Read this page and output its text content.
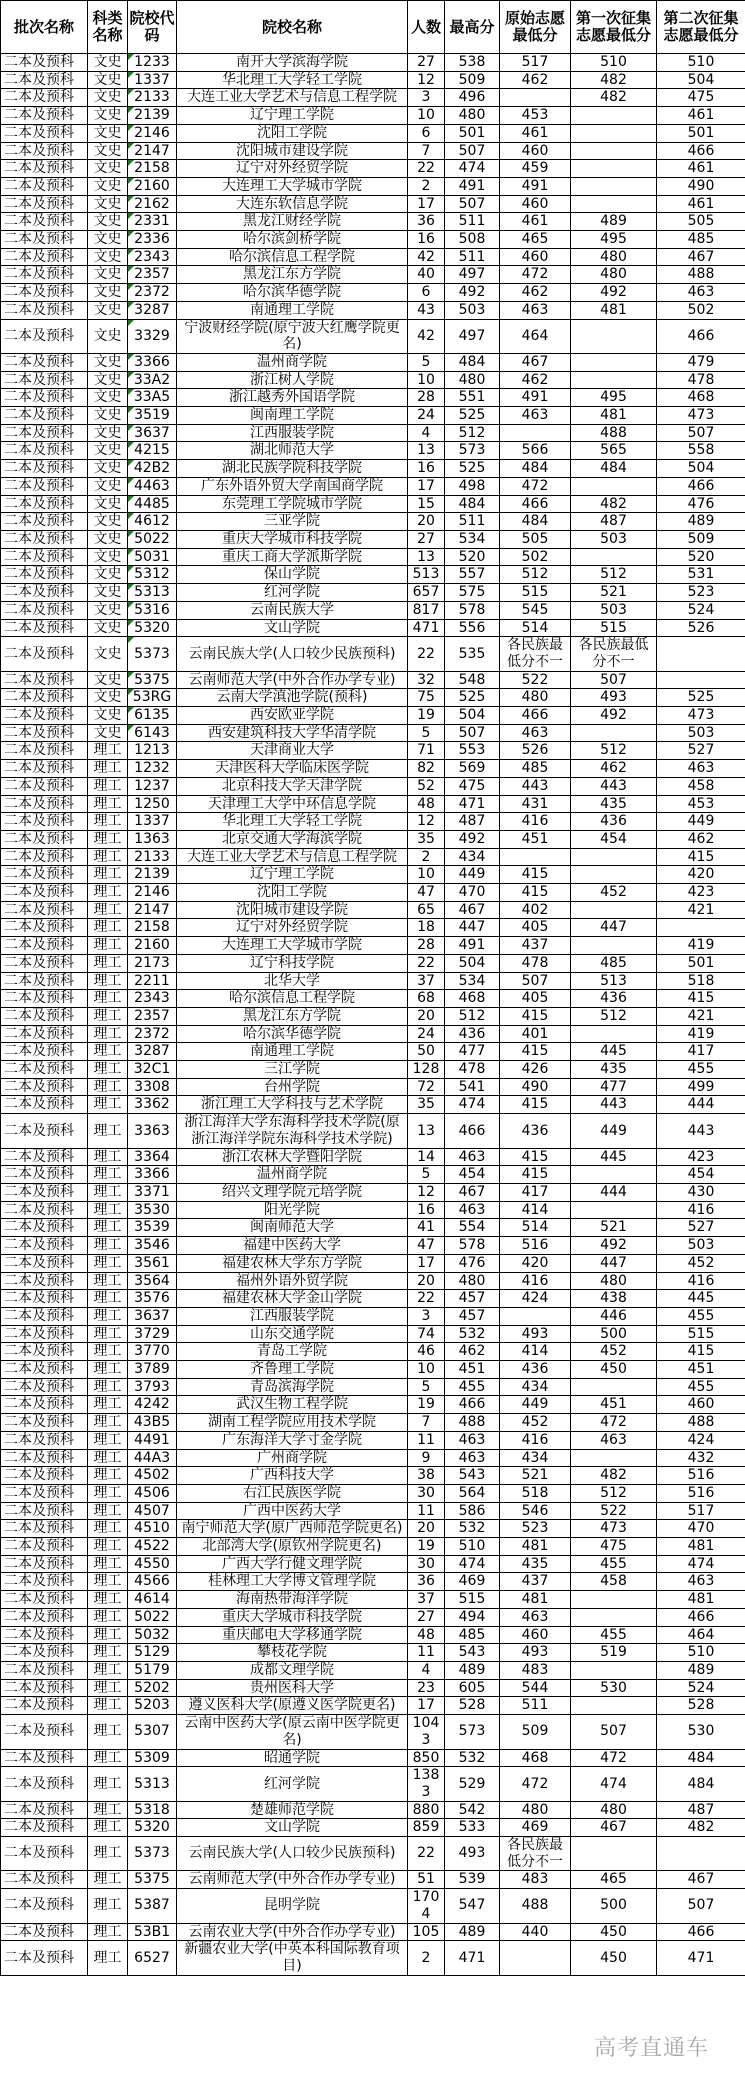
批次名称	科类名称	院校代码	院校名称	人数	最高分	原始志愿最低分	第一次征集志愿最低分	第二次征集志愿最低分
二本及预科	文史	1233	南开大学滨海学院	27	538	517	510	510
二本及预科	文史	1337	华北理工大学轻工学院	12	509	462	482	504
二本及预科	文史	2133	大连工业大学艺术与信息工程学院	3	496		482	475
二本及预科	文史	2139	辽宁理工学院	10	480	453		461
二本及预科	文史	2146	沈阳工学院	6	501	461		501
二本及预科	文史	2147	沈阳城市建设学院	7	507	460		466
二本及预科	文史	2158	辽宁对外经贸学院	22	474	459		461
二本及预科	文史	2160	大连理工大学城市学院	2	491	491		490
二本及预科	文史	2162	大连东软信息学院	17	507	460		461
二本及预科	文史	2331	黑龙江财经学院	36	511	461	489	505
二本及预科	文史	2336	哈尔滨剑桥学院	16	508	465	495	485
二本及预科	文史	2343	哈尔滨信息工程学院	42	511	460	480	467
二本及预科	文史	2357	黑龙江东方学院	40	497	472	480	488
二本及预科	文史	2372	哈尔滨华德学院	6	492	462	492	463
二本及预科	文史	3287	南通理工学院	43	503	463	481	502
二本及预科	文史	3329	宁波财经学院(原宁波大红鹰学院更名)	42	497	464		466
二本及预科	文史	3366	温州商学院	5	484	467		479
二本及预科	文史	33A2	浙江树人学院	10	480	462		478
二本及预科	文史	33A5	浙江越秀外国语学院	28	551	491	495	468
二本及预科	文史	3519	闽南理工学院	24	525	463	481	473
二本及预科	文史	3637	江西服装学院	4	512		488	507
二本及预科	文史	4215	湖北师范大学	13	573	566	565	558
二本及预科	文史	42B2	湖北民族学院科技学院	16	525	484	484	504
二本及预科	文史	4463	广东外语外贸大学南国商学院	17	498	472		466
二本及预科	文史	4485	东莞理工学院城市学院	15	484	466	482	476
二本及预科	文史	4612	三亚学院	20	511	484	487	489
二本及预科	文史	5022	重庆大学城市科技学院	27	534	505	503	509
二本及预科	文史	5031	重庆工商大学派斯学院	13	520	502		520
二本及预科	文史	5312	保山学院	513	557	512	512	531
二本及预科	文史	5313	红河学院	657	575	515	521	523
二本及预科	文史	5316	云南民族大学	817	578	545	503	524
二本及预科	文史	5320	文山学院	471	556	514	515	526
二本及预科	文史	5373	云南民族大学(人口较少民族预科)	22	535	各民族最低分不一	各民族最低分不一	
二本及预科	文史	5375	云南师范大学(中外合作办学专业)	32	548	522	507	
二本及预科	文史	53RG	云南大学滇池学院(预科)	75	525	480	493	525
二本及预科	文史	6135	西安欧亚学院	19	504	466	492	473
二本及预科	文史	6143	西安建筑科技大学华清学院	5	507	463		503
二本及预科	理工	1213	天津商业大学	71	553	526	512	527
二本及预科	理工	1232	天津医科大学临床医学院	82	569	485	462	463
二本及预科	理工	1237	北京科技大学天津学院	52	475	443	443	458
二本及预科	理工	1250	天津理工大学中环信息学院	48	471	431	435	453
二本及预科	理工	1337	华北理工大学轻工学院	12	487	416	436	449
二本及预科	理工	1363	北京交通大学海滨学院	35	492	451	454	462
二本及预科	理工	2133	大连工业大学艺术与信息工程学院	2	434			415
二本及预科	理工	2139	辽宁理工学院	10	449	415		420
二本及预科	理工	2146	沈阳工学院	47	470	415	452	423
二本及预科	理工	2147	沈阳城市建设学院	65	467	402		421
二本及预科	理工	2158	辽宁对外经贸学院	18	447	405	447	
二本及预科	理工	2160	大连理工大学城市学院	28	491	437		419
二本及预科	理工	2173	辽宁科技学院	22	504	478	485	501
二本及预科	理工	2211	北华大学	37	534	507	513	518
二本及预科	理工	2343	哈尔滨信息工程学院	68	468	405	436	415
二本及预科	理工	2357	黑龙江东方学院	20	512	415	512	421
二本及预科	理工	2372	哈尔滨华德学院	24	436	401		419
二本及预科	理工	3287	南通理工学院	50	477	415	445	417
二本及预科	理工	32C1	三江学院	128	478	426	435	455
二本及预科	理工	3308	台州学院	72	541	490	477	499
二本及预科	理工	3362	浙江理工大学科技与艺术学院	35	474	415	443	444
二本及预科	理工	3363	浙江海洋大学东海科学技术学院(原浙江海洋学院东海科学技术学院)	13	466	436	449	443
二本及预科	理工	3364	浙江农林大学暨阳学院	14	463	415	445	423
二本及预科	理工	3366	温州商学院	5	454	415		454
二本及预科	理工	3371	绍兴文理学院元培学院	12	467	417	444	430
二本及预科	理工	3530	阳光学院	16	463	414		416
二本及预科	理工	3539	闽南师范大学	41	554	514	521	527
二本及预科	理工	3546	福建中医药大学	47	578	516	492	503
二本及预科	理工	3561	福建农林大学东方学院	17	476	420	447	452
二本及预科	理工	3564	福州外语外贸学院	20	480	416	480	416
二本及预科	理工	3576	福建农林大学金山学院	22	457	424	438	445
二本及预科	理工	3637	江西服装学院	3	457		446	455
二本及预科	理工	3729	山东交通学院	74	532	493	500	515
二本及预科	理工	3770	青岛工学院	46	462	414	452	415
二本及预科	理工	3789	齐鲁理工学院	10	451	436	450	451
二本及预科	理工	3793	青岛滨海学院	5	455	434		455
二本及预科	理工	4242	武汉生物工程学院	19	466	449	451	460
二本及预科	理工	43B5	湖南工程学院应用技术学院	7	488	452	472	488
二本及预科	理工	4491	广东海洋大学寸金学院	11	463	416	463	424
二本及预科	理工	44A3	广州商学院	9	463	434		432
二本及预科	理工	4502	广西科技大学	38	543	521	482	516
二本及预科	理工	4506	右江民族医学院	30	564	518	512	516
二本及预科	理工	4507	广西中医药大学	11	586	546	522	517
二本及预科	理工	4510	南宁师范大学(原广西师范学院更名)	20	532	523	473	470
二本及预科	理工	4522	北部湾大学(原钦州学院更名)	19	510	481	475	481
二本及预科	理工	4550	广西大学行健文理学院	30	474	435	455	474
二本及预科	理工	4566	桂林理工大学博文管理学院	36	469	437	458	463
二本及预科	理工	4614	海南热带海洋学院	37	515	481		481
二本及预科	理工	5022	重庆大学城市科技学院	27	494	463		466
二本及预科	理工	5032	重庆邮电大学移通学院	48	485	460	455	464
二本及预科	理工	5129	攀枝花学院	11	543	493	519	510
二本及预科	理工	5179	成都文理学院	4	489	483		489
二本及预科	理工	5202	贵州医科大学	23	605	544	530	524
二本及预科	理工	5203	遵义医科大学(原遵义医学院更名)	17	528	511		528
二本及预科	理工	5307	云南中医药大学(原云南中医学院更名)	1043	573	509	507	530
二本及预科	理工	5309	昭通学院	850	532	468	472	484
二本及预科	理工	5313	红河学院	1383	529	472	474	484
二本及预科	理工	5318	楚雄师范学院	880	542	480	480	487
二本及预科	理工	5320	文山学院	859	533	469	467	482
二本及预科	理工	5373	云南民族大学(人口较少民族预科)	22	493	各民族最低分不一		
二本及预科	理工	5375	云南师范大学(中外合作办学专业)	51	539	483	465	467
二本及预科	理工	5387	昆明学院	1704	547	488	500	507
二本及预科	理工	53B1	云南农业大学(中外合作办学专业)	105	489	440	450	466
二本及预科	理工	6527	新疆农业大学(中英本科国际教育项目)	2	471		450	471
高考直通车
